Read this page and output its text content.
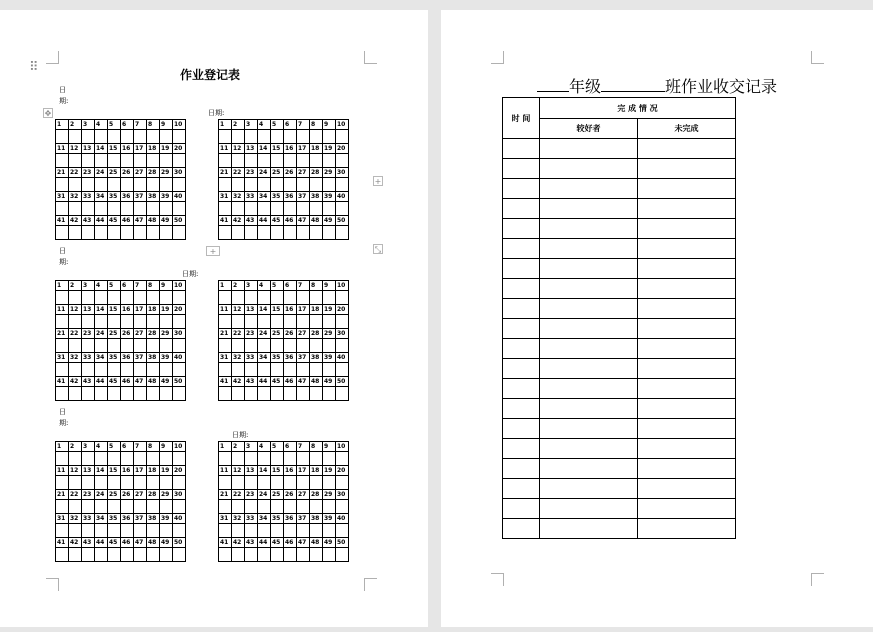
⠿	作业登记表
✥
+
+	⤡
日
期:
日期:
1	2	3	4	5	6	7	8	9	10

11	12	13	14	15	16	17	18	19	20

21	22	23	24	25	26	27	28	29	30

31	32	33	34	35	36	37	38	39	40

41	42	43	44	45	46	47	48	49	50

1	2	3	4	5	6	7	8	9	10

11	12	13	14	15	16	17	18	19	20

21	22	23	24	25	26	27	28	29	30

31	32	33	34	35	36	37	38	39	40

41	42	43	44	45	46	47	48	49	50

日
期:
日期:
1	2	3	4	5	6	7	8	9	10

11	12	13	14	15	16	17	18	19	20

21	22	23	24	25	26	27	28	29	30

31	32	33	34	35	36	37	38	39	40

41	42	43	44	45	46	47	48	49	50

1	2	3	4	5	6	7	8	9	10

11	12	13	14	15	16	17	18	19	20

21	22	23	24	25	26	27	28	29	30

31	32	33	34	35	36	37	38	39	40

41	42	43	44	45	46	47	48	49	50

日
期:
日期:
1	2	3	4	5	6	7	8	9	10

11	12	13	14	15	16	17	18	19	20

21	22	23	24	25	26	27	28	29	30

31	32	33	34	35	36	37	38	39	40

41	42	43	44	45	46	47	48	49	50

1	2	3	4	5	6	7	8	9	10

11	12	13	14	15	16	17	18	19	20

21	22	23	24	25	26	27	28	29	30

31	32	33	34	35	36	37	38	39	40

41	42	43	44	45	46	47	48	49	50

年级	班作业收交记录
时 间	完 成 情 况	
	较好者	未完成
